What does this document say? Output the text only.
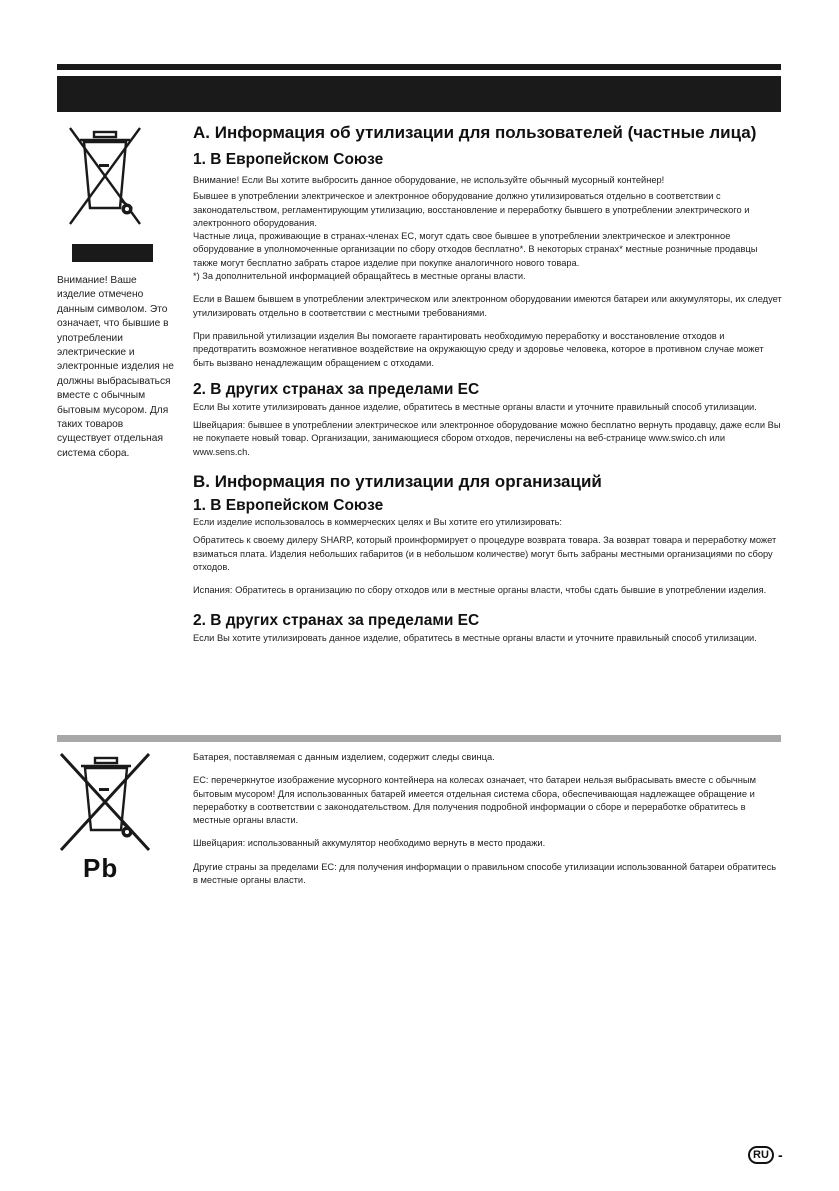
Внимание! Ваше изделие отмечено данным символом. Это означает, что бывшие в употреблении электрические и электронные изделия не должны выбрасываться вместе с обычным бытовым мусором. Для таких товаров существует отдельная система сбора.
A. Информация об утилизации для пользователей (частные лица)
1. В Европейском Союзе

Внимание! Если Вы хотите выбросить данное оборудование, не используйте обычный мусорный контейнер!

Бывшее в употреблении электрическое и электронное оборудование должно утилизироваться отдельно в соответствии с законодательством, регламентирующим утилизацию, восстановление и переработку бывшего в употреблении электрического и электронного оборудования.

Частные лица, проживающие в странах-членах ЕС, могут сдать свое бывшее в употреблении электрическое и электронное оборудование в уполномоченные организации по сбору отходов бесплатно*. В некоторых странах* местные розничные продавцы также могут бесплатно забрать старое изделие при покупке аналогичного нового товара.

*) За дополнительной информацией обращайтесь в местные органы власти.

Если в Вашем бывшем в употреблении электрическом или электронном оборудовании имеются батареи или аккумуляторы, их следует утилизировать отдельно в соответствии с местными требованиями.

При правильной утилизации изделия Вы помогаете гарантировать необходимую переработку и восстановление отходов и предотвратить возможное негативное воздействие на окружающую среду и здоровье человека, которое в противном случае может быть вызвано ненадлежащим обращением с отходами.

2. В других странах за пределами ЕС

Если Вы хотите утилизировать данное изделие, обратитесь в местные органы власти и уточните правильный способ утилизации.

Швейцария: бывшее в употреблении электрическое или электронное оборудование можно бесплатно вернуть продавцу, даже если Вы не покупаете новый товар. Организации, занимающиеся сбором отходов, перечислены на веб-странице www.swico.ch или www.sens.ch.

B. Информация по утилизации для организаций
1. В Европейском Союзе

Если изделие использовалось в коммерческих целях и Вы хотите его утилизировать:

Обратитесь к своему дилеру SHARP, который проинформирует о процедуре возврата товара. За возврат товара и переработку может взиматься плата. Изделия небольших габаритов (и в небольшом количестве) могут быть забраны местными организациями по сбору отходов.

Испания: Обратитесь в организацию по сбору отходов или в местные органы власти, чтобы сдать бывшие в употреблении изделия.

2. В других странах за пределами ЕС

Если Вы хотите утилизировать данное изделие, обратитесь в местные органы власти и уточните правильный способ утилизации.

Pb

Батарея, поставляемая с данным изделием, содержит следы свинца.

ЕС: перечеркнутое изображение мусорного контейнера на колесах означает, что батареи нельзя выбрасывать вместе с обычным бытовым мусором! Для использованных батарей имеется отдельная система сбора, обеспечивающая надлежащее обращение и переработку в соответствии с законодательством. Для получения подробной информации о сборе и переработке обратитесь в местные органы власти.

Швейцария: использованный аккумулятор необходимо вернуть в место продажи.

Другие страны за пределами ЕС: для получения информации о правильном способе утилизации использованной батареи обратитесь в местные органы власти.

RU -
